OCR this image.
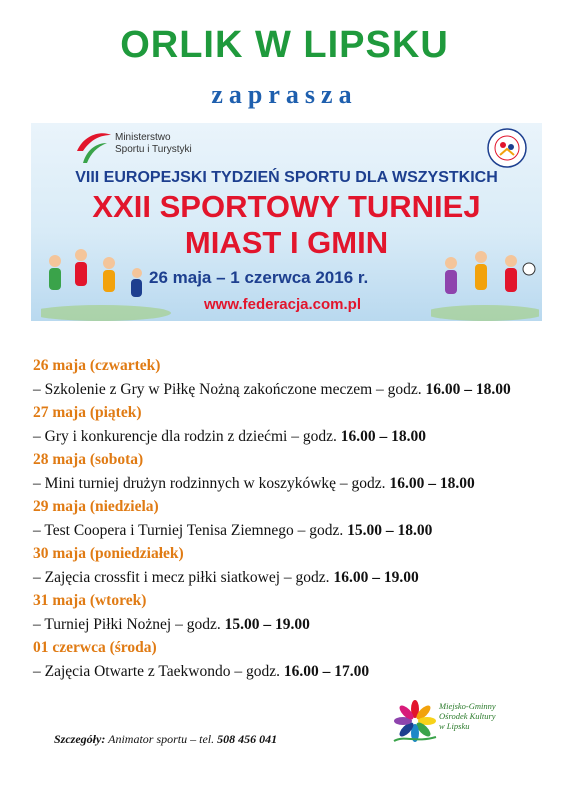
ORLIK W LIPSKU
zaprasza
Ministerstwo
Sportu i Turystyki
VIII EUROPEJSKI TYDZIEŃ SPORTU DLA WSZYSTKICH
XXII SPORTOWY TURNIEJ
MIAST I GMIN
26 maja – 1 czerwca 2016 r.
www.federacja.com.pl
26 maja (czwartek)
– Szkolenie z Gry w Piłkę Nożną zakończone meczem – godz. 16.00 – 18.00
27 maja (piątek)
– Gry i konkurencje dla rodzin z dziećmi – godz. 16.00 – 18.00
28 maja (sobota)
– Mini turniej drużyn rodzinnych w koszykówkę – godz. 16.00 – 18.00
29 maja (niedziela)
– Test Coopera i Turniej Tenisa Ziemnego – godz. 15.00 – 18.00
30 maja (poniedziałek)
– Zajęcia crossfit i mecz piłki siatkowej – godz. 16.00 – 19.00
31 maja (wtorek)
– Turniej Piłki Nożnej – godz. 15.00 – 19.00
01 czerwca (środa)
– Zajęcia Otwarte z Taekwondo – godz. 16.00 – 17.00
Szczegóły: Animator sportu – tel. 508 456 041
Miejsko-Gminny
Ośrodek Kultury
w Lipsku
